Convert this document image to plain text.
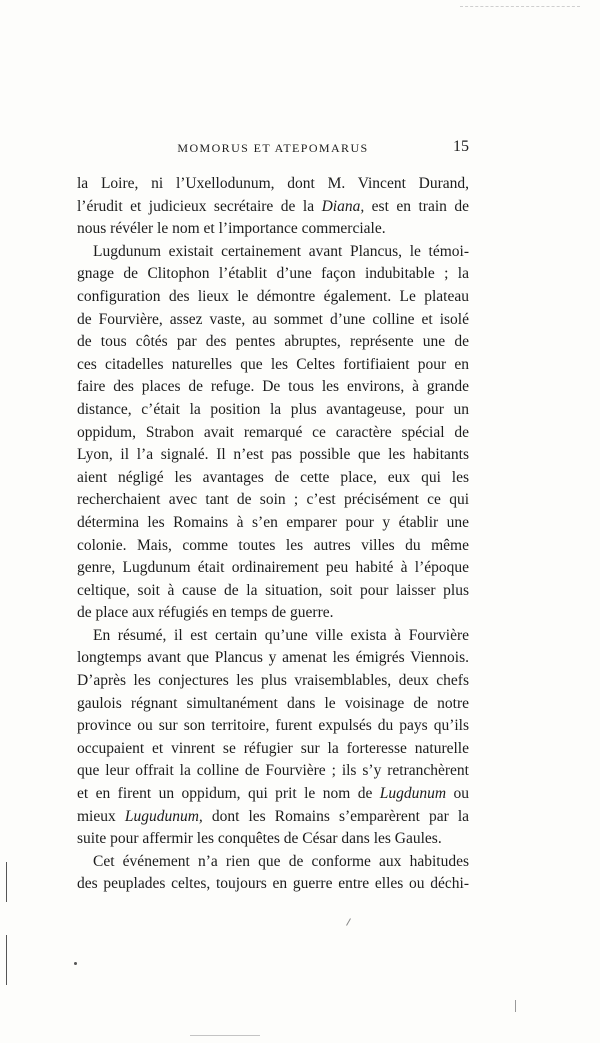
MOMORUS ET ATEPOMARUS	15
la Loire, ni l’Uxellodunum, dont M. Vincent Durand,
l’érudit et judicieux secrétaire de la Diana, est en train de
nous révéler le nom et l’importance commerciale.
Lugdunum existait certainement avant Plancus, le témoi-
gnage de Clitophon l’établit d’une façon indubitable ; la
configuration des lieux le démontre également. Le plateau
de Fourvière, assez vaste, au sommet d’une colline et isolé
de tous côtés par des pentes abruptes, représente une de
ces citadelles naturelles que les Celtes fortifiaient pour en
faire des places de refuge. De tous les environs, à grande
distance, c’était la position la plus avantageuse, pour un
oppidum, Strabon avait remarqué ce caractère spécial de
Lyon, il l’a signalé. Il n’est pas possible que les habitants
aient négligé les avantages de cette place, eux qui les
recherchaient avec tant de soin ; c’est précisément ce qui
détermina les Romains à s’en emparer pour y établir une
colonie. Mais, comme toutes les autres villes du même
genre, Lugdunum était ordinairement peu habité à l’époque
celtique, soit à cause de la situation, soit pour laisser plus
de place aux réfugiés en temps de guerre.
En résumé, il est certain qu’une ville exista à Fourvière
longtemps avant que Plancus y amenat les émigrés Viennois.
D’après les conjectures les plus vraisemblables, deux chefs
gaulois régnant simultanément dans le voisinage de notre
province ou sur son territoire, furent expulsés du pays qu’ils
occupaient et vinrent se réfugier sur la forteresse naturelle
que leur offrait la colline de Fourvière ; ils s’y retranchèrent
et en firent un oppidum, qui prit le nom de Lugdunum ou
mieux Lugudunum, dont les Romains s’emparèrent par la
suite pour affermir les conquêtes de César dans les Gaules.
Cet événement n’a rien que de conforme aux habitudes
des peuplades celtes, toujours en guerre entre elles ou déchi-
